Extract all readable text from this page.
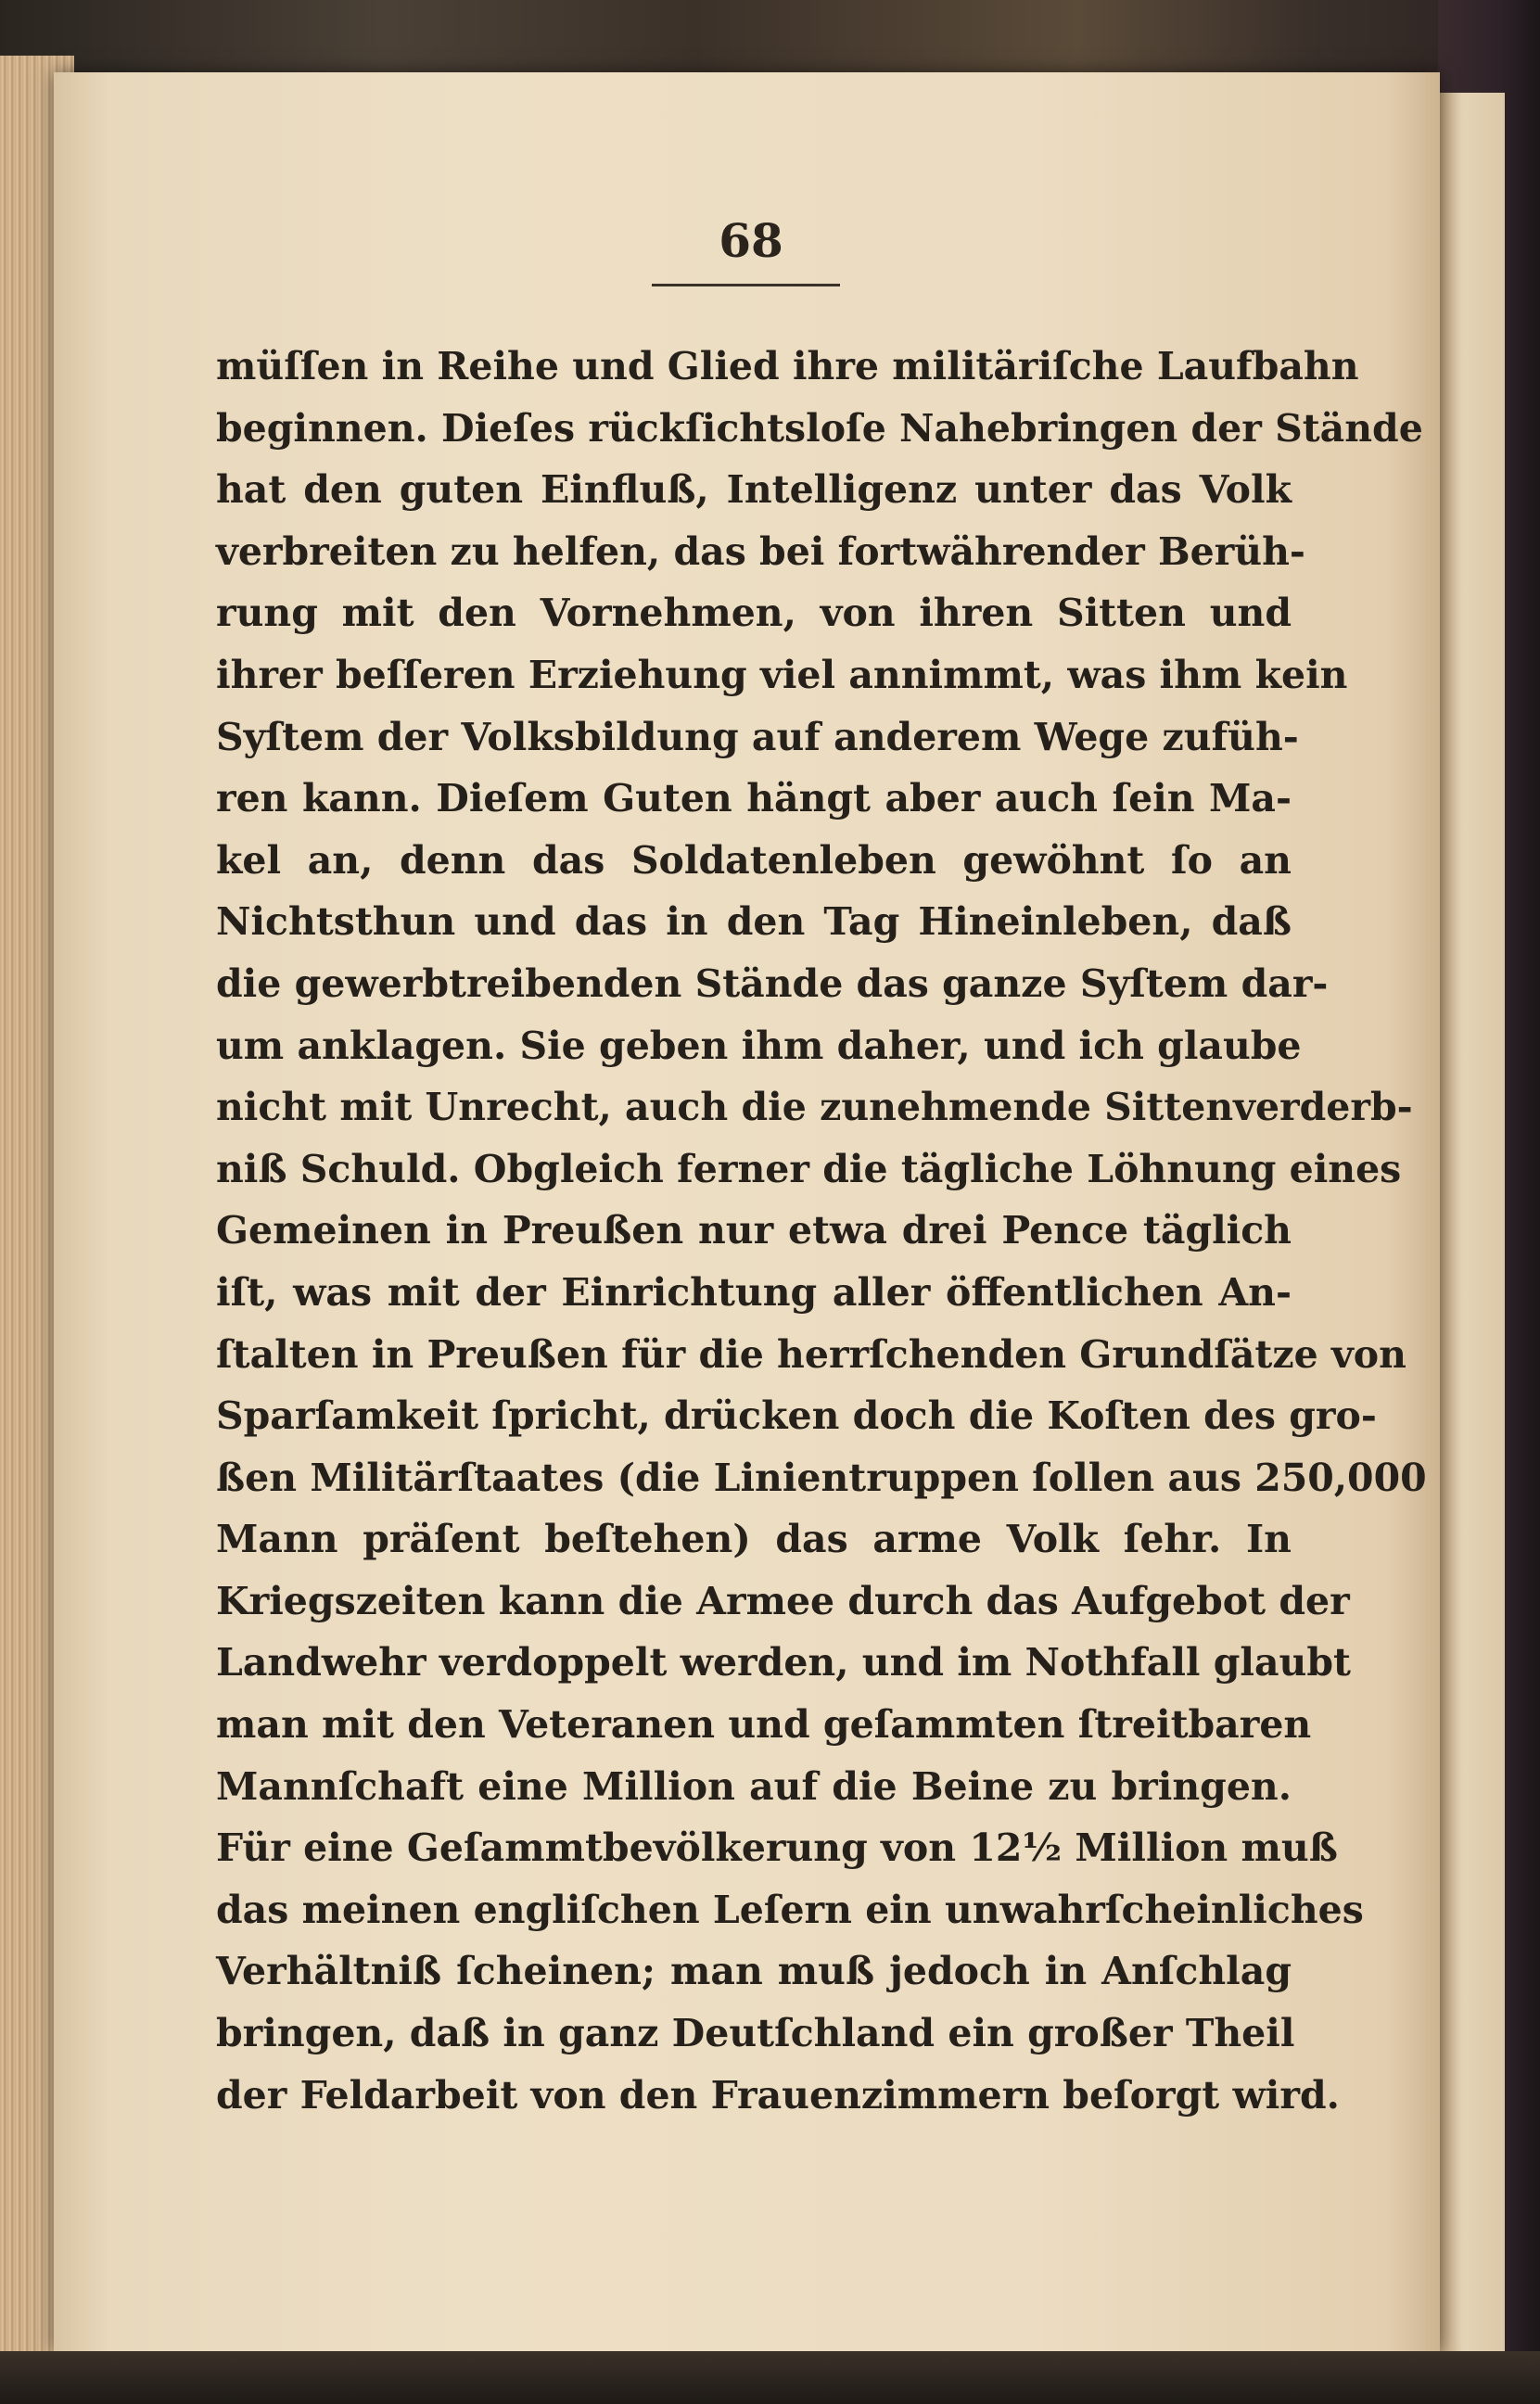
68
müſſen in Reihe und Glied ihre militäriſche Laufbahn
beginnen. Dieſes rückſichtsloſe Nahebringen der Stände
hat den guten Einfluß, Intelligenz unter das Volk
verbreiten zu helfen, das bei fortwährender Berüh-
rung mit den Vornehmen, von ihren Sitten und
ihrer beſſeren Erziehung viel annimmt, was ihm kein
Syſtem der Volksbildung auf anderem Wege zufüh-
ren kann. Dieſem Guten hängt aber auch ſein Ma-
kel an, denn das Soldatenleben gewöhnt ſo an
Nichtsthun und das in den Tag Hineinleben, daß
die gewerbtreibenden Stände das ganze Syſtem dar-
um anklagen. Sie geben ihm daher, und ich glaube
nicht mit Unrecht, auch die zunehmende Sittenverderb-
niß Schuld. Obgleich ferner die tägliche Löhnung eines
Gemeinen in Preußen nur etwa drei Pence täglich
iſt, was mit der Einrichtung aller öffentlichen An-
ſtalten in Preußen für die herrſchenden Grundſätze von
Sparſamkeit ſpricht, drücken doch die Koſten des gro-
ßen Militärſtaates (die Linientruppen ſollen aus 250,000
Mann präſent beſtehen) das arme Volk ſehr. In
Kriegszeiten kann die Armee durch das Aufgebot der
Landwehr verdoppelt werden, und im Nothfall glaubt
man mit den Veteranen und geſammten ſtreitbaren
Mannſchaft eine Million auf die Beine zu bringen.
Für eine Geſammtbevölkerung von 12½ Million muß
das meinen engliſchen Leſern ein unwahrſcheinliches
Verhältniß ſcheinen; man muß jedoch in Anſchlag
bringen, daß in ganz Deutſchland ein großer Theil
der Feldarbeit von den Frauenzimmern beſorgt wird.
